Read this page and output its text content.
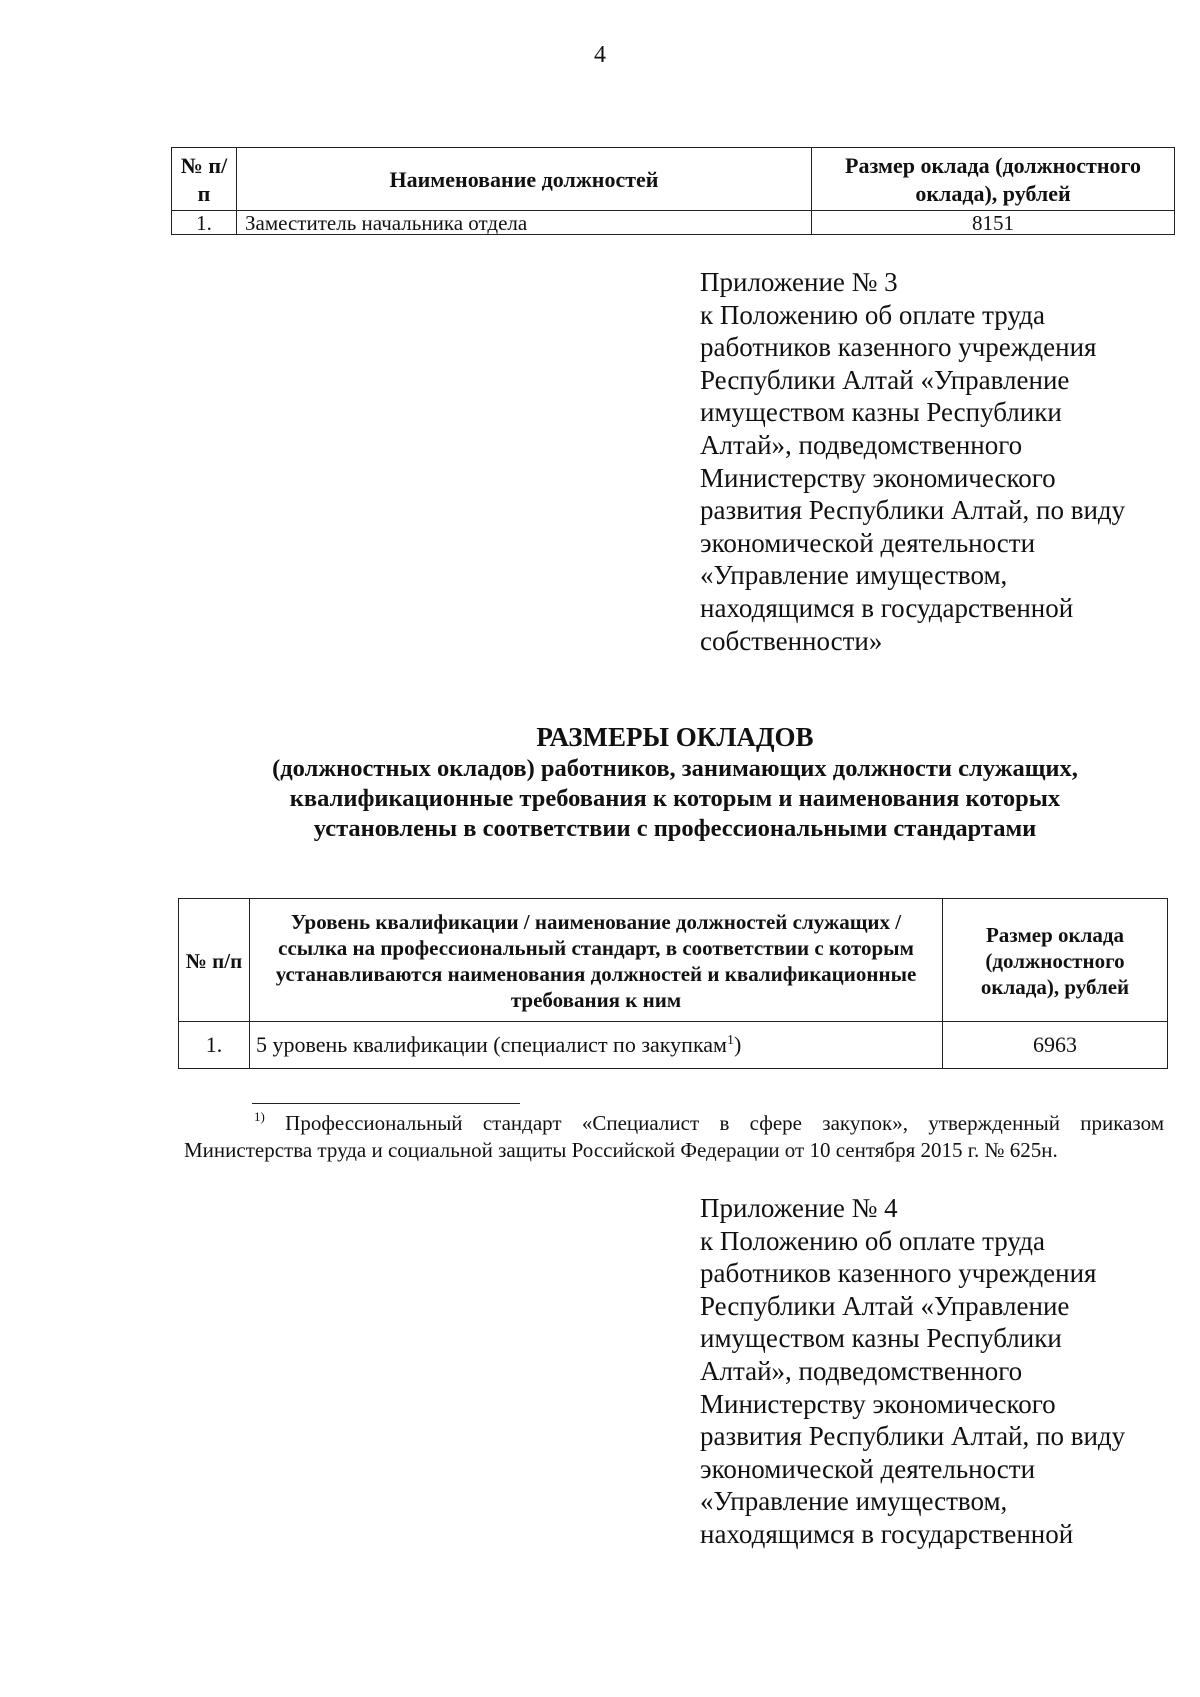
4
№ п/п	Наименование должностей	Размер оклада (должностного оклада), рублей
1.	Заместитель начальника отдела	8151
Приложение № 3
к Положению об оплате труда
работников казенного учреждения
Республики Алтай «Управление
имуществом казны Республики
Алтай», подведомственного
Министерству экономического
развития Республики Алтай, по виду
экономической деятельности
«Управление имуществом,
находящимся в государственной
собственности»
РАЗМЕРЫ ОКЛАДОВ
(должностных окладов) работников, занимающих должности служащих,
квалификационные требования к которым и наименования которых
установлены в соответствии с профессиональными стандартами
№ п/п	Уровень квалификации / наименование должностей служащих / ссылка на профессиональный стандарт, в соответствии с которым устанавливаются наименования должностей и квалификационные требования к ним	Размер оклада (должностного оклада), рублей
1.	5 уровень квалификации (специалист по закупкам$^1$)	6963
$^{1)}$ Профессиональный стандарт «Специалист в сфере закупок», утвержденный приказом Министерства труда и социальной защиты Российской Федерации от 10 сентября 2015 г. № 625н.
Приложение № 4
к Положению об оплате труда
работников казенного учреждения
Республики Алтай «Управление
имуществом казны Республики
Алтай», подведомственного
Министерству экономического
развития Республики Алтай, по виду
экономической деятельности
«Управление имуществом,
находящимся в государственной
